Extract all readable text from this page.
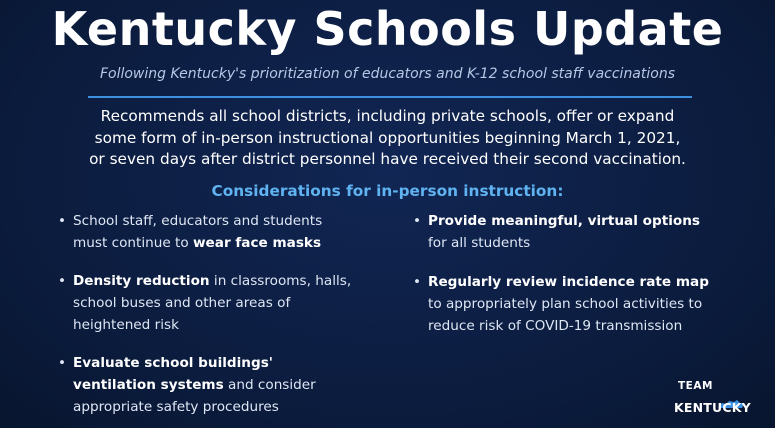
Kentucky Schools Update
Following Kentucky's prioritization of educators and K-12 school staff vaccinations
Recommends all school districts, including private schools, offer or expand
some form of in-person instructional opportunities beginning March 1, 2021,
or seven days after district personnel have received their second vaccination.
Considerations for in-person instruction:
• School staff, educators and students must continue to wear face masks
• Density reduction in classrooms, halls, school buses and other areas of heightened risk
• Evaluate school buildings' ventilation systems and consider appropriate safety procedures
• Provide meaningful, virtual options for all students
• Regularly review incidence rate map to appropriately plan school activities to reduce risk of COVID-19 transmission
TEAM
KENTUCKY
